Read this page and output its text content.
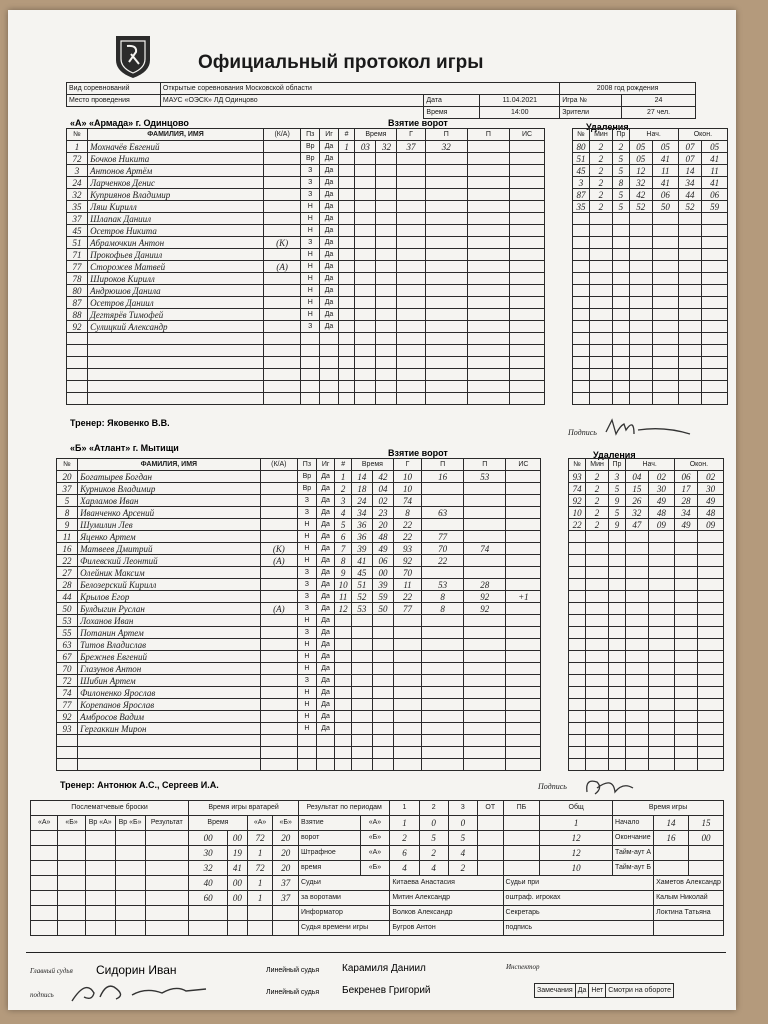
Официальный протокол игры
Вид соревнований	Открытые соревнования Московской области			2008 год рождения	
Место проведения	МАУС «ОЭСК» ЛД Одинцово	Дата	11.04.2021	Игра №	24
		Время	14:00	Зрители	27 чел.
«А» «Армада» г. Одинцово	Взятие ворот	Удаления
№	ФАМИЛИЯ, ИМЯ	(К/А)	Пз	Иг	#	Время		Г	П	П	ИС		№	Мин	Пр	Нач.		Окон.	
1	Мохначёв Евгений		Вр	Да	1	03	32	37	32				80	2	2	05	05	07	05
72	Бочков Никита		Вр	Да									51	2	5	05	41	07	41
3	Антонов Артём		З	Да									45	2	5	12	11	14	11
24	Ларченков Денис		З	Да									3	2	8	32	41	34	41
32	Куприянов Владимир		З	Да									87	2	5	42	06	44	06
35	Ляш Кирилл		Н	Да									35	2	5	52	50	52	59
37	Шлапак Даниил		Н	Да															
45	Осетров Никита		Н	Да															
51	Абрамочкин Антон	(К)	З	Да															
71	Прокофьев Даниил		Н	Да															
77	Сторожев Матвей	(А)	Н	Да															
78	Широков Кирилл		Н	Да															
80	Андрюшов Данила		Н	Да															
87	Осетров Даниил		Н	Да															
88	Дегтярёв Тимофей		Н	Да															
92	Сулицкий Александр		З	Да															

Тренер: Яковенко В.В.
Подпись
«Б» «Атлант» г. Мытищи	Взятие ворот	Удаления
№	ФАМИЛИЯ, ИМЯ	(К/А)	Пз	Иг	#	Время		Г	П	П	ИС		№	Мин	Пр	Нач.		Окон.	
20	Богатырев Богдан		Вр	Да	1	14	42	10	16	53			93	2	3	04	02	06	02
37	Курников Владимир		Вр	Да	2	18	04	10					74	2	5	15	30	17	30
5	Харламов Иван		З	Да	3	24	02	74					92	2	9	26	49	28	49
8	Иванченко Арсений		З	Да	4	34	23	8	63				10	2	5	32	48	34	48
9	Шумилин Лев		Н	Да	5	36	20	22					22	2	9	47	09	49	09
11	Яценко Артем		Н	Да	6	36	48	22	77										
16	Матвеев Дмитрий	(К)	Н	Да	7	39	49	93	70	74									
22	Филевский Леонтий	(А)	Н	Да	8	41	06	92	22										
27	Олейник Максим		З	Да	9	45	00	70											
28	Белозерский Кирилл		З	Да	10	51	39	11	53	28									
44	Крылов Егор		З	Да	11	52	59	22	8	92	+1								
50	Булдыгин Руслан	(А)	З	Да	12	53	50	77	8	92									
53	Лоханов Иван		Н	Да															
55	Потанин Артем		З	Да															
63	Титов Владислав		Н	Да															
67	Брежнев Евгений		Н	Да															
70	Глазунов Антон		Н	Да															
72	Шибин Артем		З	Да															
74	Филоненко Ярослав		Н	Да															
77	Корепанов Ярослав		Н	Да															
92	Амбросов Вадим		Н	Да															
93	Гергаккин Мирон		Н	Да															

Тренер: Антонюк А.С., Сергеев И.А.	Подпись
Послематчевые броски					Время игры вратарей				Результат по периодам		1	2	3	ОТ	ПБ	Общ	Время игры		
«А»	«Б»	Вр «А»	Вр «Б»	Результат	Время		«А»	«Б»	Взятие	«А»	1	0	0			1	Начало	14	15
					00	00	72	20	ворот	«Б»	2	5	5			12	Окончание	16	00
					30	19	1	20	Штрафное	«А»	6	2	4			12	Тайм-аут А		
					32	41	72	20	время	«Б»	4	4	2			10	Тайм-аут Б		
					40	00	1	37	Судьи		Китаева Анастасия				Судьи при			Хаметов Александр	
					60	00	1	37	за воротами		Митин Александр				оштраф. игроках			Калым Николай	
									Информатор		Волков Александр				Секретарь			Локтина Татьяна	
									Судья времени игры		Бугров Антон				подпись				
Главный судья Сидорин Иван
подпись
Линейный судья Карамиля Даниил
Линейный судья Бекренев Григорий
Инспектор
Замечания	Да	Нет	Смотри на обороте
